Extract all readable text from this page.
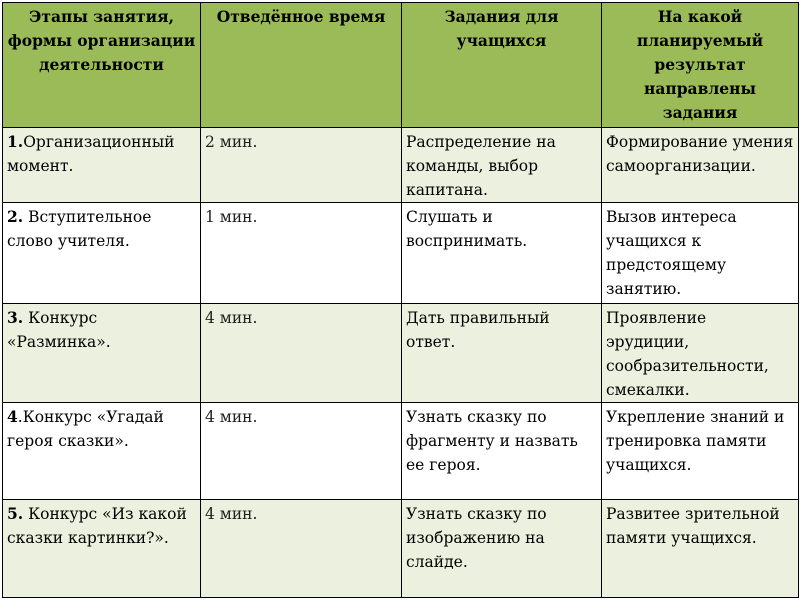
Этапы занятия, формы организации деятельности	Отведённое время	Задания для учащихся	На какой планируемый результат направлены задания
1.Организационный момент.	2 мин.	Распределение на команды, выбор капитана.	Формирование умения самоорганизации.
2. Вступительное слово учителя.	1 мин.	Слушать и воспринимать.	Вызов интереса учащихся к предстоящему занятию.
3. Конкурс «Разминка».	4 мин.	Дать правильный ответ.	Проявление эрудиции, сообразительности, смекалки.
4.Конкурс «Угадай героя сказки».	4 мин.	Узнать сказку по фрагменту и назвать ее героя.	Укрепление знаний и тренировка памяти учащихся.
5. Конкурс «Из какой сказки картинки?».	4 мин.	Узнать сказку по изображению на слайде.	Развитее зрительной памяти учащихся.
